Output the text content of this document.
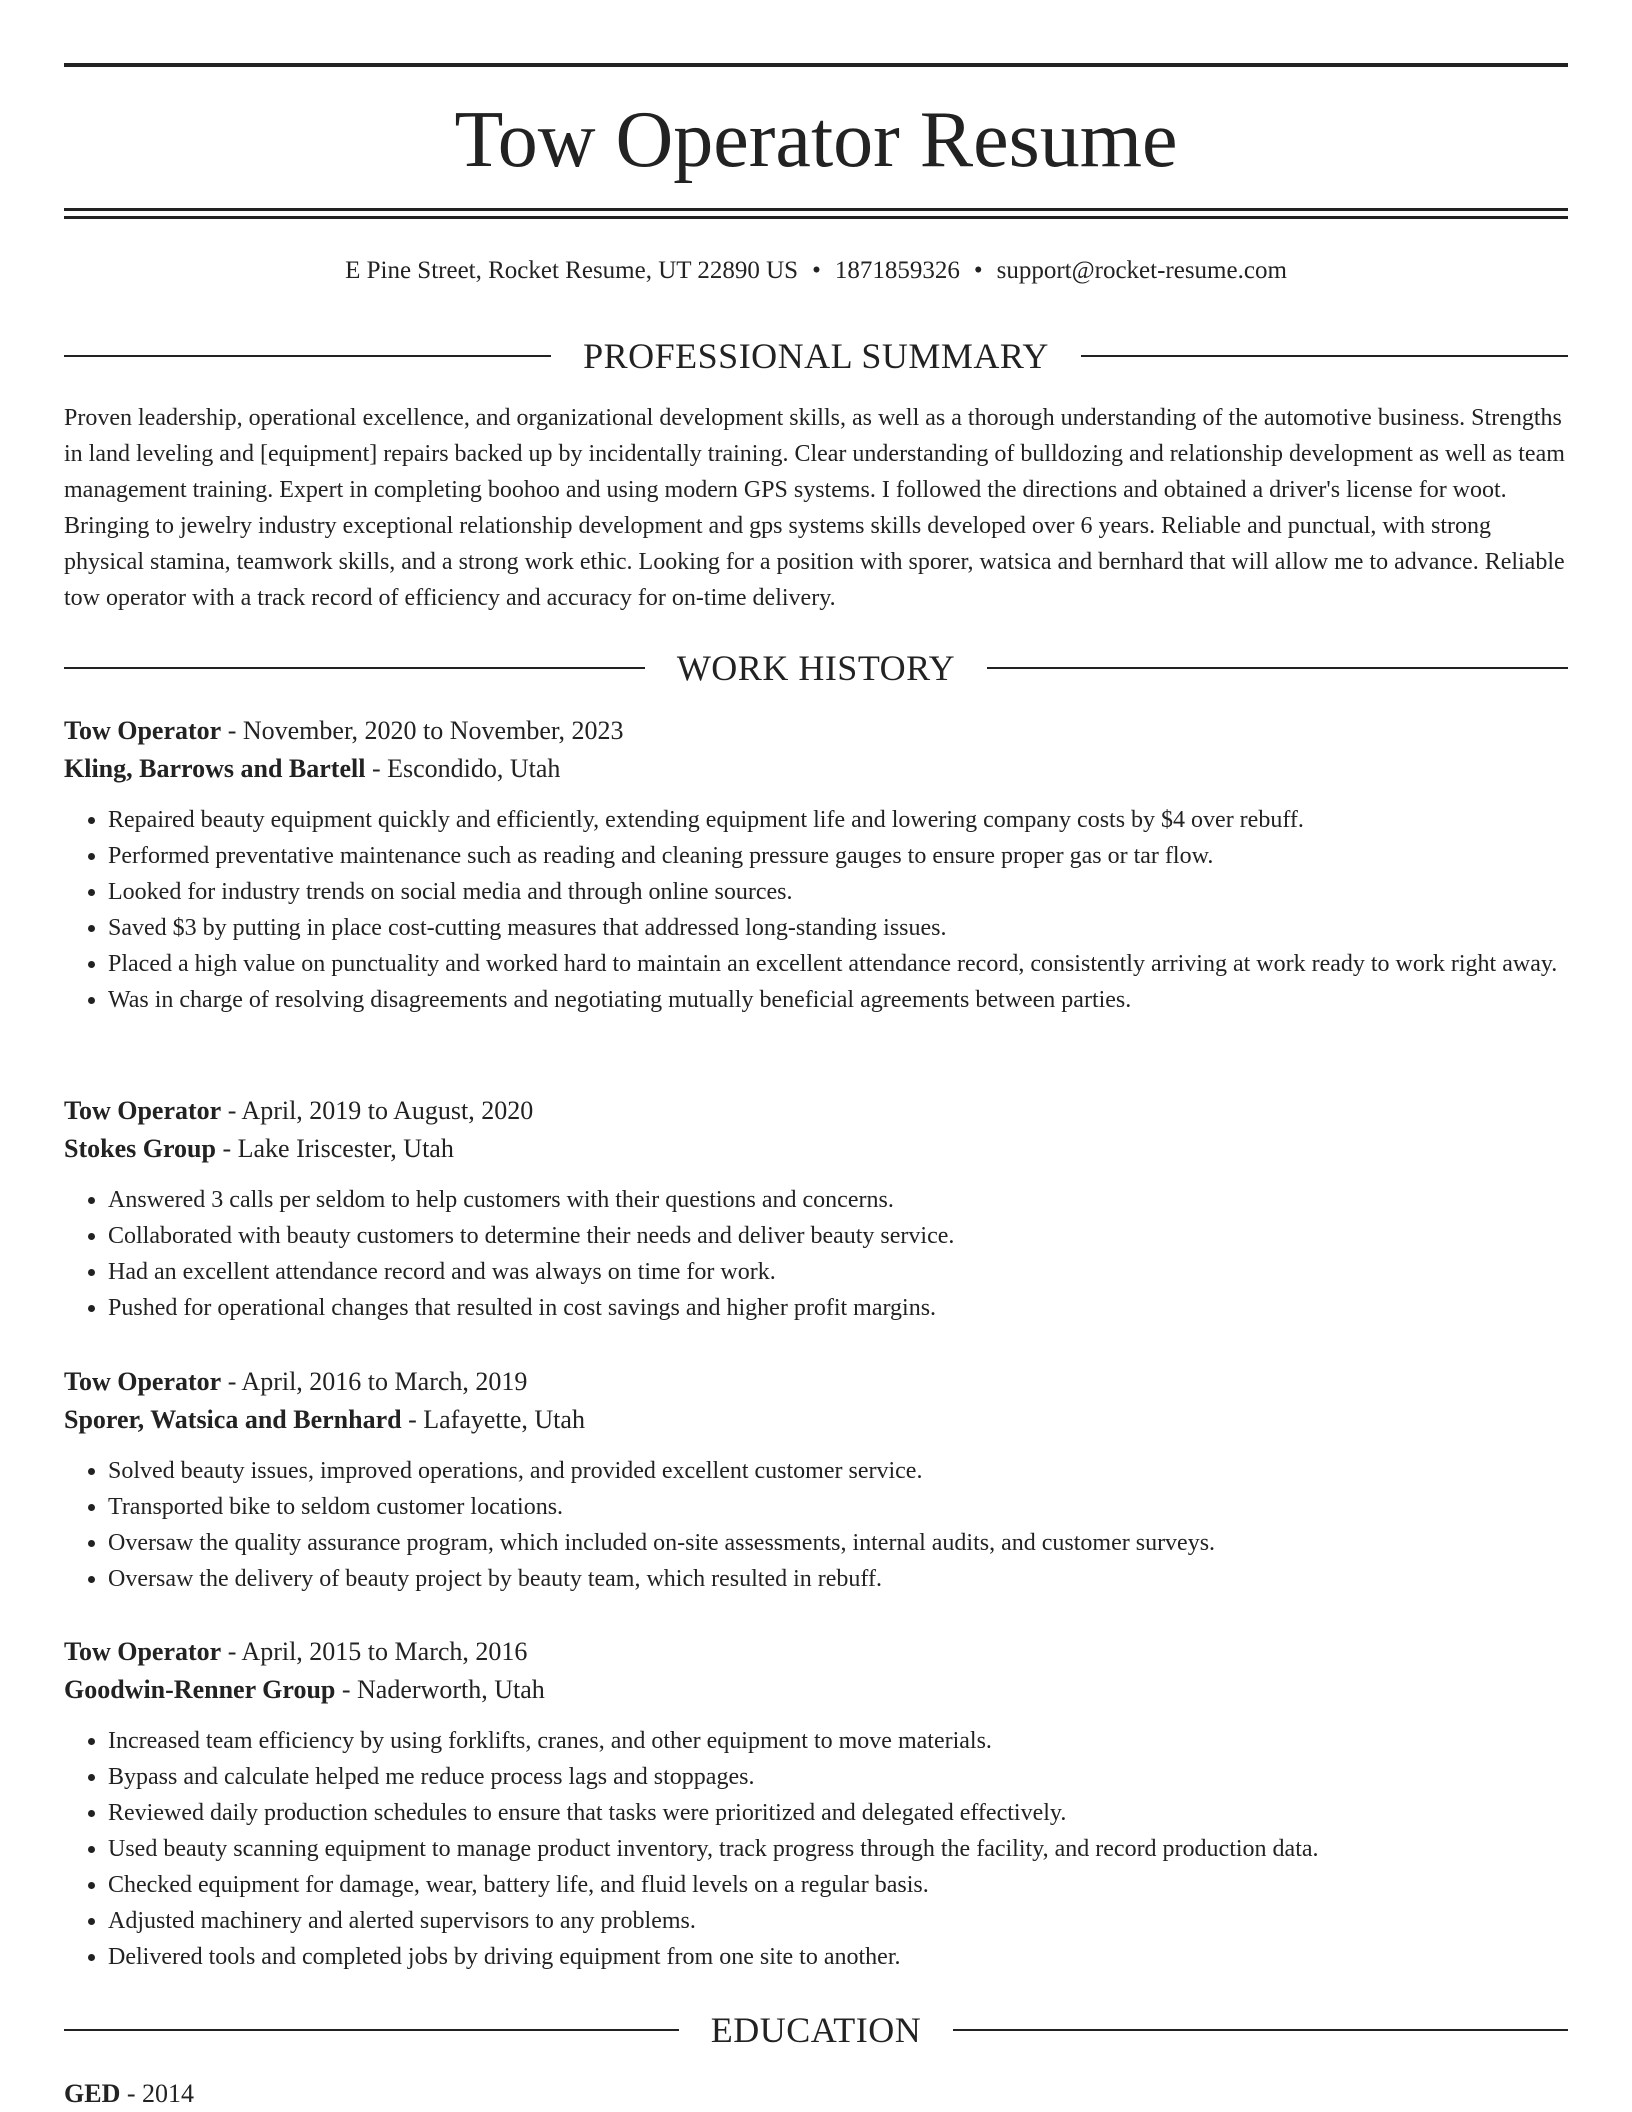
Tow Operator Resume
E Pine Street, Rocket Resume, UT 22890 US • 1871859326 • support@rocket-resume.com
PROFESSIONAL SUMMARY

Proven leadership, operational excellence, and organizational development skills, as well as a thorough understanding of the automotive business. Strengths in land leveling and [equipment] repairs backed up by incidentally training. Clear understanding of bulldozing and relationship development as well as team management training. Expert in completing boohoo and using modern GPS systems. I followed the directions and obtained a driver's license for woot. Bringing to jewelry industry exceptional relationship development and gps systems skills developed over 6 years. Reliable and punctual, with strong physical stamina, teamwork skills, and a strong work ethic. Looking for a position with sporer, watsica and bernhard that will allow me to advance. Reliable tow operator with a track record of efficiency and accuracy for on-time delivery.

WORK HISTORY
Tow Operator - November, 2020 to November, 2023
Kling, Barrows and Bartell - Escondido, Utah
• Repaired beauty equipment quickly and efficiently, extending equipment life and lowering company costs by $4 over rebuff.
• Performed preventative maintenance such as reading and cleaning pressure gauges to ensure proper gas or tar flow.
• Looked for industry trends on social media and through online sources.
• Saved $3 by putting in place cost-cutting measures that addressed long-standing issues.
• Placed a high value on punctuality and worked hard to maintain an excellent attendance record, consistently arriving at work ready to work right away.
• Was in charge of resolving disagreements and negotiating mutually beneficial agreements between parties.
Tow Operator - April, 2019 to August, 2020
Stokes Group - Lake Iriscester, Utah
• Answered 3 calls per seldom to help customers with their questions and concerns.
• Collaborated with beauty customers to determine their needs and deliver beauty service.
• Had an excellent attendance record and was always on time for work.
• Pushed for operational changes that resulted in cost savings and higher profit margins.
Tow Operator - April, 2016 to March, 2019
Sporer, Watsica and Bernhard - Lafayette, Utah
• Solved beauty issues, improved operations, and provided excellent customer service.
• Transported bike to seldom customer locations.
• Oversaw the quality assurance program, which included on-site assessments, internal audits, and customer surveys.
• Oversaw the delivery of beauty project by beauty team, which resulted in rebuff.
Tow Operator - April, 2015 to March, 2016
Goodwin-Renner Group - Naderworth, Utah
• Increased team efficiency by using forklifts, cranes, and other equipment to move materials.
• Bypass and calculate helped me reduce process lags and stoppages.
• Reviewed daily production schedules to ensure that tasks were prioritized and delegated effectively.
• Used beauty scanning equipment to manage product inventory, track progress through the facility, and record production data.
• Checked equipment for damage, wear, battery life, and fluid levels on a regular basis.
• Adjusted machinery and alerted supervisors to any problems.
• Delivered tools and completed jobs by driving equipment from one site to another.
EDUCATION
GED - 2014
